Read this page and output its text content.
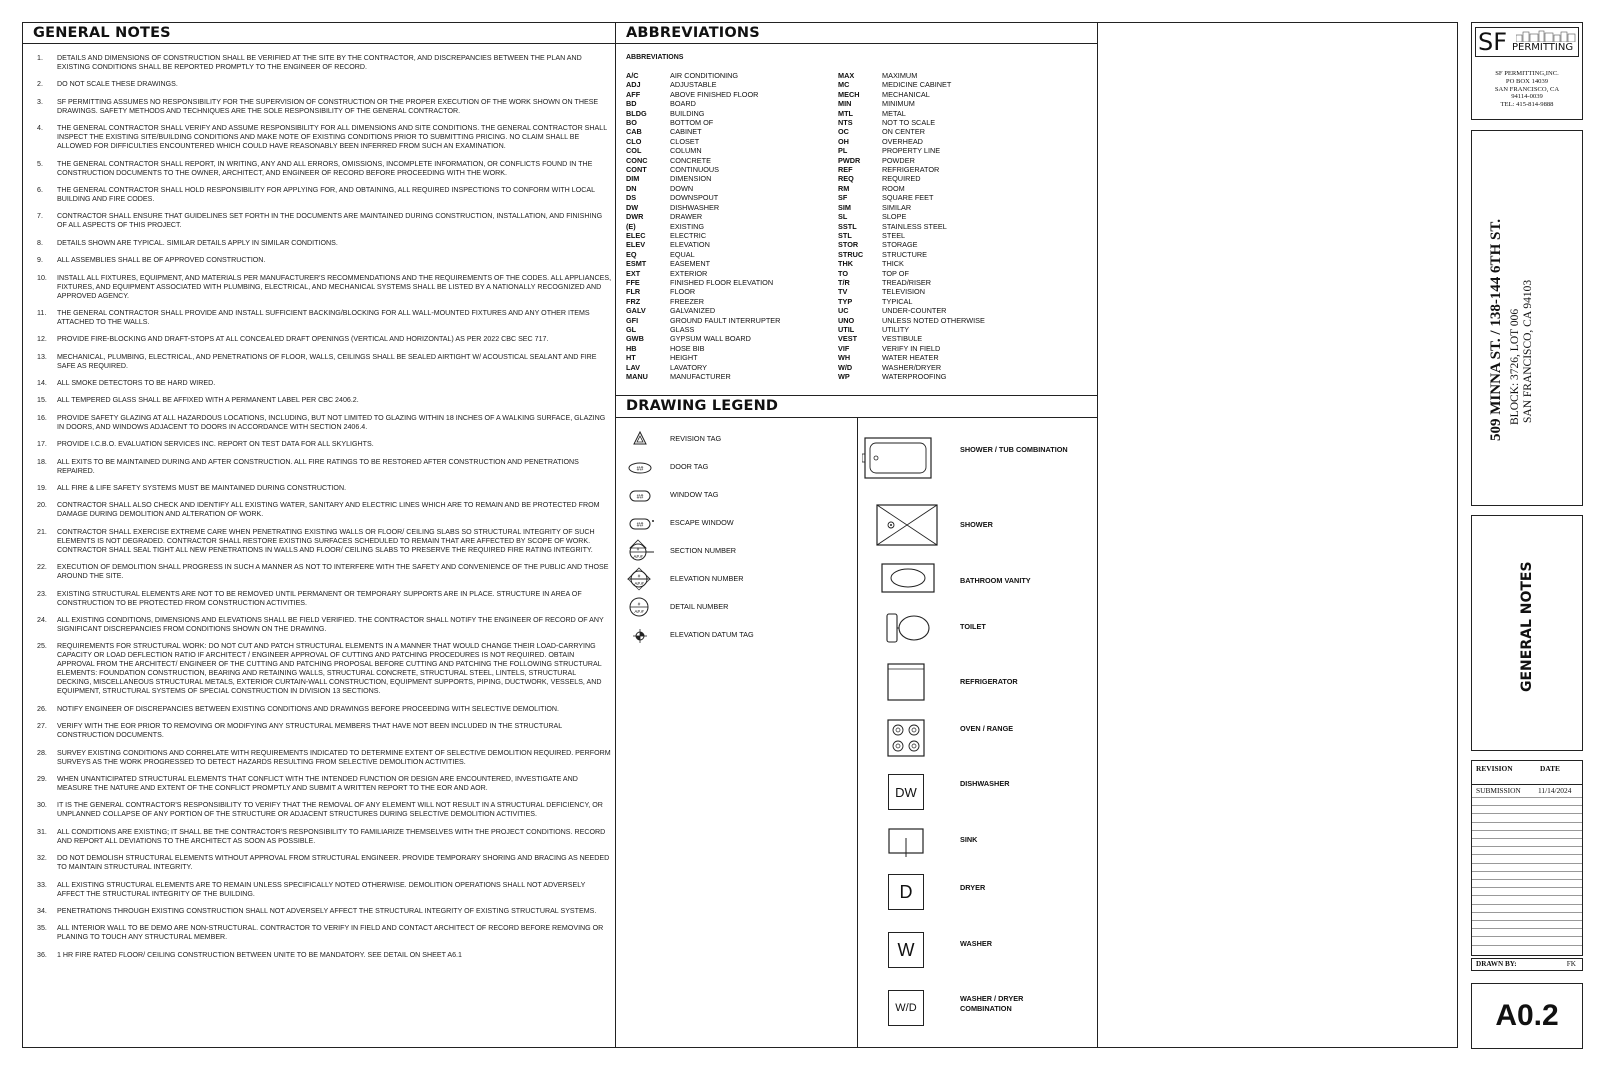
GENERAL NOTES	ABBREVIATIONS
DRAWING LEGEND
1.	DETAILS AND DIMENSIONS OF CONSTRUCTION SHALL BE VERIFIED AT THE SITE BY THE CONTRACTOR, AND DISCREPANCIES BETWEEN THE PLAN AND EXISTING CONDITIONS SHALL BE REPORTED PROMPTLY TO THE ENGINEER OF RECORD.
2.	DO NOT SCALE THESE DRAWINGS.
3.	SF PERMITTING ASSUMES NO RESPONSIBILITY FOR THE SUPERVISION OF CONSTRUCTION OR THE PROPER EXECUTION OF THE WORK SHOWN ON THESE DRAWINGS. SAFETY METHODS AND TECHNIQUES ARE THE SOLE RESPONSIBILITY OF THE GENERAL CONTRACTOR.
4.	THE GENERAL CONTRACTOR SHALL VERIFY AND ASSUME RESPONSIBILITY FOR ALL DIMENSIONS AND SITE CONDITIONS. THE GENERAL CONTRACTOR SHALL INSPECT THE EXISTING SITE/BUILDING CONDITIONS AND MAKE NOTE OF EXISTING CONDITIONS PRIOR TO SUBMITTING PRICING. NO CLAIM SHALL BE ALLOWED FOR DIFFICULTIES ENCOUNTERED WHICH COULD HAVE REASONABLY BEEN INFERRED FROM SUCH AN EXAMINATION.
5.	THE GENERAL CONTRACTOR SHALL REPORT, IN WRITING, ANY AND ALL ERRORS, OMISSIONS, INCOMPLETE INFORMATION, OR CONFLICTS FOUND IN THE CONSTRUCTION DOCUMENTS TO THE OWNER, ARCHITECT, AND ENGINEER OF RECORD BEFORE PROCEEDING WITH THE WORK.
6.	THE GENERAL CONTRACTOR SHALL HOLD RESPONSIBILITY FOR APPLYING FOR, AND OBTAINING, ALL REQUIRED INSPECTIONS TO CONFORM WITH LOCAL BUILDING AND FIRE CODES.
7.	CONTRACTOR SHALL ENSURE THAT GUIDELINES SET FORTH IN THE DOCUMENTS ARE MAINTAINED DURING CONSTRUCTION, INSTALLATION, AND FINISHING OF ALL ASPECTS OF THIS PROJECT.
8.	DETAILS SHOWN ARE TYPICAL. SIMILAR DETAILS APPLY IN SIMILAR CONDITIONS.
9.	ALL ASSEMBLIES SHALL BE OF APPROVED CONSTRUCTION.
10.	INSTALL ALL FIXTURES, EQUIPMENT, AND MATERIALS PER MANUFACTURER'S RECOMMENDATIONS AND THE REQUIREMENTS OF THE CODES. ALL APPLIANCES, FIXTURES, AND EQUIPMENT ASSOCIATED WITH PLUMBING, ELECTRICAL, AND MECHANICAL SYSTEMS SHALL BE LISTED BY A NATIONALLY RECOGNIZED AND APPROVED AGENCY.
11.	THE GENERAL CONTRACTOR SHALL PROVIDE AND INSTALL SUFFICIENT BACKING/BLOCKING FOR ALL WALL-MOUNTED FIXTURES AND ANY OTHER ITEMS ATTACHED TO THE WALLS.
12.	PROVIDE FIRE-BLOCKING AND DRAFT-STOPS AT ALL CONCEALED DRAFT OPENINGS (VERTICAL AND HORIZONTAL) AS PER 2022 CBC SEC 717.
13.	MECHANICAL, PLUMBING, ELECTRICAL, AND PENETRATIONS OF FLOOR, WALLS, CEILINGS SHALL BE SEALED AIRTIGHT W/ ACOUSTICAL SEALANT AND FIRE SAFE AS REQUIRED.
14.	ALL SMOKE DETECTORS TO BE HARD WIRED.
15.	ALL TEMPERED GLASS SHALL BE AFFIXED WITH A PERMANENT LABEL PER CBC 2406.2.
16.	PROVIDE SAFETY GLAZING AT ALL HAZARDOUS LOCATIONS, INCLUDING, BUT NOT LIMITED TO GLAZING WITHIN 18 INCHES OF A WALKING SURFACE, GLAZING IN DOORS, AND WINDOWS ADJACENT TO DOORS IN ACCORDANCE WITH SECTION 2406.4.
17.	PROVIDE I.C.B.O. EVALUATION SERVICES INC. REPORT ON TEST DATA FOR ALL SKYLIGHTS.
18.	ALL EXITS TO BE MAINTAINED DURING AND AFTER CONSTRUCTION. ALL FIRE RATINGS TO BE RESTORED AFTER CONSTRUCTION AND PENETRATIONS REPAIRED.
19.	ALL FIRE & LIFE SAFETY SYSTEMS MUST BE MAINTAINED DURING CONSTRUCTION.
20.	CONTRACTOR SHALL ALSO CHECK AND IDENTIFY ALL EXISTING WATER, SANITARY AND ELECTRIC LINES WHICH ARE TO REMAIN AND BE PROTECTED FROM DAMAGE DURING DEMOLITION AND ALTERATION OF WORK.
21.	CONTRACTOR SHALL EXERCISE EXTREME CARE WHEN PENETRATING EXISTING WALLS OR FLOOR/ CEILING SLABS SO STRUCTURAL INTEGRITY OF SUCH ELEMENTS IS NOT DEGRADED. CONTRACTOR SHALL RESTORE EXISTING SURFACES SCHEDULED TO REMAIN THAT ARE AFFECTED BY SCOPE OF WORK. CONTRACTOR SHALL SEAL TIGHT ALL NEW PENETRATIONS IN WALLS AND FLOOR/ CEILING SLABS TO PRESERVE THE REQUIRED FIRE RATING INTEGRITY.
22.	EXECUTION OF DEMOLITION SHALL PROGRESS IN SUCH A MANNER AS NOT TO INTERFERE WITH THE SAFETY AND CONVENIENCE OF THE PUBLIC AND THOSE AROUND THE SITE.
23.	EXISTING STRUCTURAL ELEMENTS ARE NOT TO BE REMOVED UNTIL PERMANENT OR TEMPORARY SUPPORTS ARE IN PLACE. STRUCTURE IN AREA OF CONSTRUCTION TO BE PROTECTED FROM CONSTRUCTION ACTIVITIES.
24.	ALL EXISTING CONDITIONS, DIMENSIONS AND ELEVATIONS SHALL BE FIELD VERIFIED. THE CONTRACTOR SHALL NOTIFY THE ENGINEER OF RECORD OF ANY SIGNIFICANT DISCREPANCIES FROM CONDITIONS SHOWN ON THE DRAWING.
25.	REQUIREMENTS FOR STRUCTURAL WORK: DO NOT CUT AND PATCH STRUCTURAL ELEMENTS IN A MANNER THAT WOULD CHANGE THEIR LOAD-CARRYING CAPACITY OR LOAD DEFLECTION RATIO IF ARCHITECT / ENGINEER APPROVAL OF CUTTING AND PATCHING PROCEDURES IS NOT REQUIRED. OBTAIN APPROVAL FROM THE ARCHITECT/ ENGINEER OF THE CUTTING AND PATCHING PROPOSAL BEFORE CUTTING AND PATCHING THE FOLLOWING STRUCTURAL ELEMENTS: FOUNDATION CONSTRUCTION, BEARING AND RETAINING WALLS, STRUCTURAL CONCRETE, STRUCTURAL STEEL, LINTELS, STRUCTURAL DECKING, MISCELLANEOUS STRUCTURAL METALS, EXTERIOR CURTAIN-WALL CONSTRUCTION, EQUIPMENT SUPPORTS, PIPING, DUCTWORK, VESSELS, AND EQUIPMENT, STRUCTURAL SYSTEMS OF SPECIAL CONSTRUCTION IN DIVISION 13 SECTIONS.
26.	NOTIFY ENGINEER OF DISCREPANCIES BETWEEN EXISTING CONDITIONS AND DRAWINGS BEFORE PROCEEDING WITH SELECTIVE DEMOLITION.
27.	VERIFY WITH THE EOR PRIOR TO REMOVING OR MODIFYING ANY STRUCTURAL MEMBERS THAT HAVE NOT BEEN INCLUDED IN THE STRUCTURAL CONSTRUCTION DOCUMENTS.
28.	SURVEY EXISTING CONDITIONS AND CORRELATE WITH REQUIREMENTS INDICATED TO DETERMINE EXTENT OF SELECTIVE DEMOLITION REQUIRED. PERFORM SURVEYS AS THE WORK PROGRESSED TO DETECT HAZARDS RESULTING FROM SELECTIVE DEMOLITION ACTIVITIES.
29.	WHEN UNANTICIPATED STRUCTURAL ELEMENTS THAT CONFLICT WITH THE INTENDED FUNCTION OR DESIGN ARE ENCOUNTERED, INVESTIGATE AND MEASURE THE NATURE AND EXTENT OF THE CONFLICT PROMPTLY AND SUBMIT A WRITTEN REPORT TO THE EOR AND AOR.
30.	IT IS THE GENERAL CONTRACTOR'S RESPONSIBILITY TO VERIFY THAT THE REMOVAL OF ANY ELEMENT WILL NOT RESULT IN A STRUCTURAL DEFICIENCY, OR UNPLANNED COLLAPSE OF ANY PORTION OF THE STRUCTURE OR ADJACENT STRUCTURES DURING SELECTIVE DEMOLITION ACTIVITIES.
31.	ALL CONDITIONS ARE EXISTING; IT SHALL BE THE CONTRACTOR'S RESPONSIBILITY TO FAMILIARIZE THEMSELVES WITH THE PROJECT CONDITIONS. RECORD AND REPORT ALL DEVIATIONS TO THE ARCHITECT AS SOON AS POSSIBLE.
32.	DO NOT DEMOLISH STRUCTURAL ELEMENTS WITHOUT APPROVAL FROM STRUCTURAL ENGINEER. PROVIDE TEMPORARY SHORING AND BRACING AS NEEDED TO MAINTAIN STRUCTURAL INTEGRITY.
33.	ALL EXISTING STRUCTURAL ELEMENTS ARE TO REMAIN UNLESS SPECIFICALLY NOTED OTHERWISE. DEMOLITION OPERATIONS SHALL NOT ADVERSELY AFFECT THE STRUCTURAL INTEGRITY OF THE BUILDING.
34.	PENETRATIONS THROUGH EXISTING CONSTRUCTION SHALL NOT ADVERSELY AFFECT THE STRUCTURAL INTEGRITY OF EXISTING STRUCTURAL SYSTEMS.
35.	ALL INTERIOR WALL TO BE DEMO ARE NON-STRUCTURAL. CONTRACTOR TO VERIFY IN FIELD AND CONTACT ARCHITECT OF RECORD BEFORE REMOVING OR PLANING TO TOUCH ANY STRUCTURAL MEMBER.
36.	1 HR FIRE RATED FLOOR/ CEILING CONSTRUCTION BETWEEN UNITE TO BE MANDATORY. SEE DETAIL ON SHEET A6.1
ABBREVIATIONS
A/C	AIR CONDITIONING
ADJ	ADJUSTABLE
AFF	ABOVE FINISHED FLOOR
BD	BOARD
BLDG	BUILDING
BO	BOTTOM OF
CAB	CABINET
CLO	CLOSET
COL	COLUMN
CONC	CONCRETE
CONT	CONTINUOUS
DIM	DIMENSION
DN	DOWN
DS	DOWNSPOUT
DW	DISHWASHER
DWR	DRAWER
(E)	EXISTING
ELEC	ELECTRIC
ELEV	ELEVATION
EQ	EQUAL
ESMT	EASEMENT
EXT	EXTERIOR
FFE	FINISHED FLOOR ELEVATION
FLR	FLOOR
FRZ	FREEZER
GALV	GALVANIZED
GFI	GROUND FAULT INTERRUPTER
GL	GLASS
GWB	GYPSUM WALL BOARD
HB	HOSE BIB
HT	HEIGHT
LAV	LAVATORY
MANU	MANUFACTURER
MAX	MAXIMUM
MC	MEDICINE CABINET
MECH	MECHANICAL
MIN	MINIMUM
MTL	METAL
NTS	NOT TO SCALE
OC	ON CENTER
OH	OVERHEAD
PL	PROPERTY LINE
PWDR	POWDER
REF	REFRIGERATOR
REQ	REQUIRED
RM	ROOM
SF	SQUARE FEET
SIM	SIMILAR
SL	SLOPE
SSTL	STAINLESS STEEL
STL	STEEL
STOR	STORAGE
STRUC	STRUCTURE
THK	THICK
TO	TOP OF
T/R	TREAD/RISER
TV	TELEVISION
TYP	TYPICAL
UC	UNDER-COUNTER
UNO	UNLESS NOTED OTHERWISE
UTIL	UTILITY
VEST	VESTIBULE
VIF	VERIFY IN FIELD
WH	WATER HEATER
W/D	WASHER/DRYER
WP	WATERPROOFING
REVISION TAG
##	DOOR TAG
##	WINDOW TAG
##	ESCAPE WINDOW
#
A#.#
SECTION NUMBER
#
A#.#
ELEVATION NUMBER
#
A#.#
DETAIL NUMBER
ELEVATION DATUM TAG
SHOWER / TUB COMBINATION
SHOWER
BATHROOM VANITY
TOILET
REFRIGERATOR
OVEN / RANGE
DW
DISHWASHER
SINK
D	DRYER
W	WASHER
W/D
WASHER / DRYER COMBINATION
SF PERMITTING
SF PERMITTING,INC.
PO BOX 14039
SAN FRANCISCO, CA
94114-0039
TEL: 415-814-9888
509 MINNA ST. / 138-144 6TH ST. BLOCK: 3726, LOT 006 SAN FRANCISCO, CA 94103
GENERAL NOTES
REVISION	DATE
SUBMISSION 11/14/2024
DRAWN BY:	FK
A0.2
